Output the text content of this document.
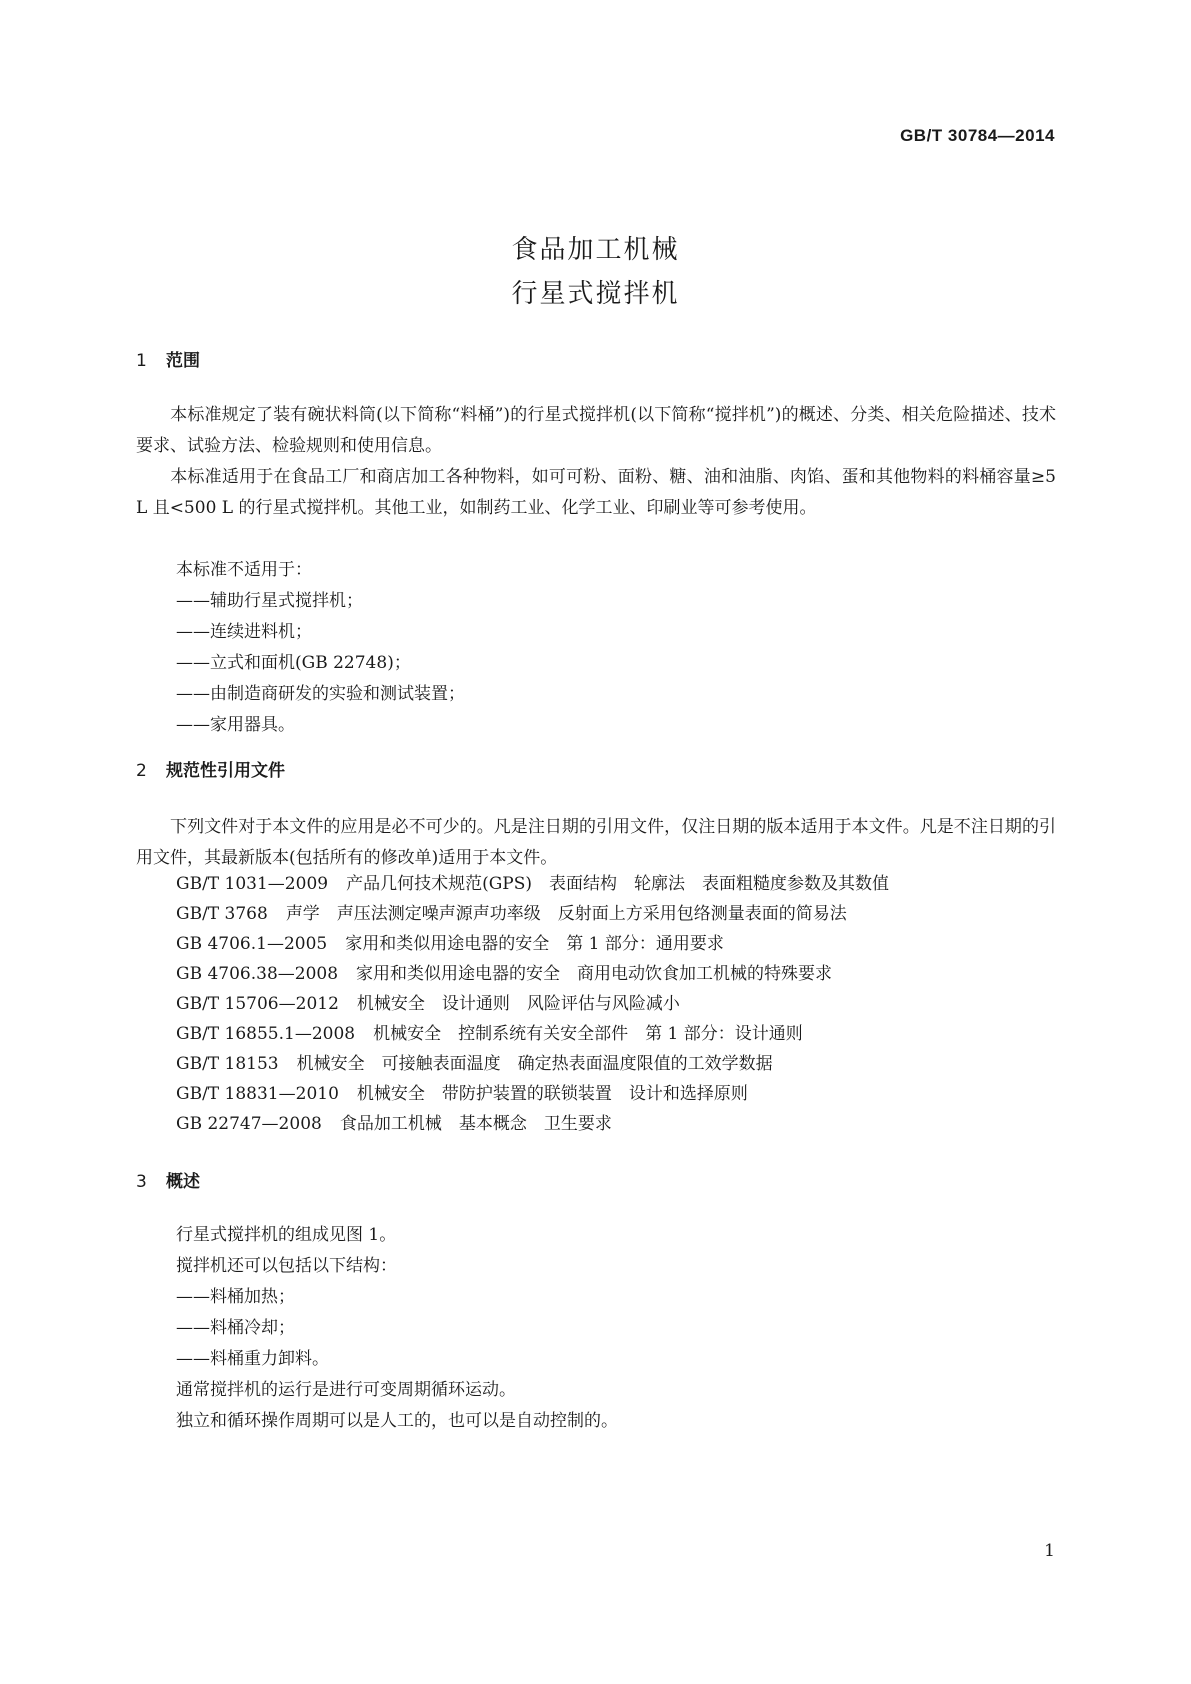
GB/T 30784—2014
食品加工机械
行星式搅拌机
1 范围
本标准规定了装有碗状料筒(以下简称“料桶”)的行星式搅拌机(以下简称“搅拌机”)的概述、分类、相关危险描述、技术要求、试验方法、检验规则和使用信息。
本标准适用于在食品工厂和商店加工各种物料，如可可粉、面粉、糖、油和油脂、肉馅、蛋和其他物料的料桶容量≥5 L 且<500 L 的行星式搅拌机。其他工业，如制药工业、化学工业、印刷业等可参考使用。
本标准不适用于：
——辅助行星式搅拌机；
——连续进料机；
——立式和面机(GB 22748)；
——由制造商研发的实验和测试装置；
——家用器具。
2 规范性引用文件
下列文件对于本文件的应用是必不可少的。凡是注日期的引用文件，仅注日期的版本适用于本文件。凡是不注日期的引用文件，其最新版本(包括所有的修改单)适用于本文件。
GB/T 1031—2009 产品几何技术规范(GPS)　表面结构　轮廓法　表面粗糙度参数及其数值
GB/T 3768 声学　声压法测定噪声源声功率级　反射面上方采用包络测量表面的简易法
GB 4706.1—2005 家用和类似用途电器的安全　第 1 部分：通用要求
GB 4706.38—2008 家用和类似用途电器的安全　商用电动饮食加工机械的特殊要求
GB/T 15706—2012 机械安全　设计通则　风险评估与风险减小
GB/T 16855.1—2008 机械安全　控制系统有关安全部件　第 1 部分：设计通则
GB/T 18153 机械安全　可接触表面温度　确定热表面温度限值的工效学数据
GB/T 18831—2010 机械安全　带防护装置的联锁装置　设计和选择原则
GB 22747—2008 食品加工机械　基本概念　卫生要求
3 概述
行星式搅拌机的组成见图 1。
搅拌机还可以包括以下结构：
——料桶加热；
——料桶冷却；
——料桶重力卸料。
通常搅拌机的运行是进行可变周期循环运动。
独立和循环操作周期可以是人工的，也可以是自动控制的。
1
